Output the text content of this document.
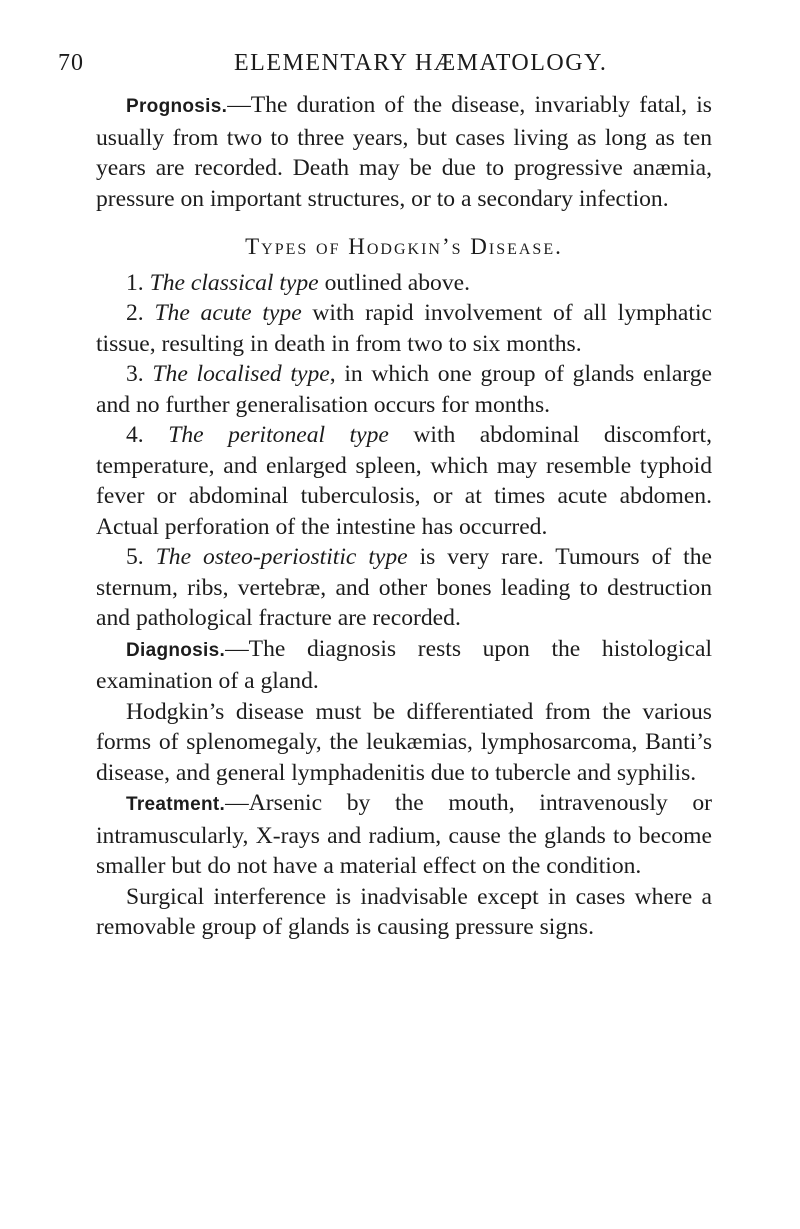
70	ELEMENTARY HÆMATOLOGY.

Prognosis.—The duration of the disease, invariably fatal, is usually from two to three years, but cases living as long as ten years are recorded. Death may be due to progressive anæmia, pressure on important structures, or to a secondary infection.

Types of Hodgkin’s Disease.

1. The classical type outlined above.

2. The acute type with rapid involvement of all lymphatic tissue, resulting in death in from two to six months.

3. The localised type, in which one group of glands enlarge and no further generalisation occurs for months.

4. The peritoneal type with abdominal discomfort, temperature, and enlarged spleen, which may resemble typhoid fever or abdominal tuberculosis, or at times acute abdomen. Actual perforation of the intestine has occurred.

5. The osteo-periostitic type is very rare. Tumours of the sternum, ribs, vertebræ, and other bones leading to destruction and pathological fracture are recorded.

Diagnosis.—The diagnosis rests upon the histological examination of a gland.

Hodgkin’s disease must be differentiated from the various forms of splenomegaly, the leukæmias, lymphosarcoma, Banti’s disease, and general lymphadenitis due to tubercle and syphilis.

Treatment.—Arsenic by the mouth, intravenously or intramuscularly, X-rays and radium, cause the glands to become smaller but do not have a material effect on the condition.

Surgical interference is inadvisable except in cases where a removable group of glands is causing pressure signs.
